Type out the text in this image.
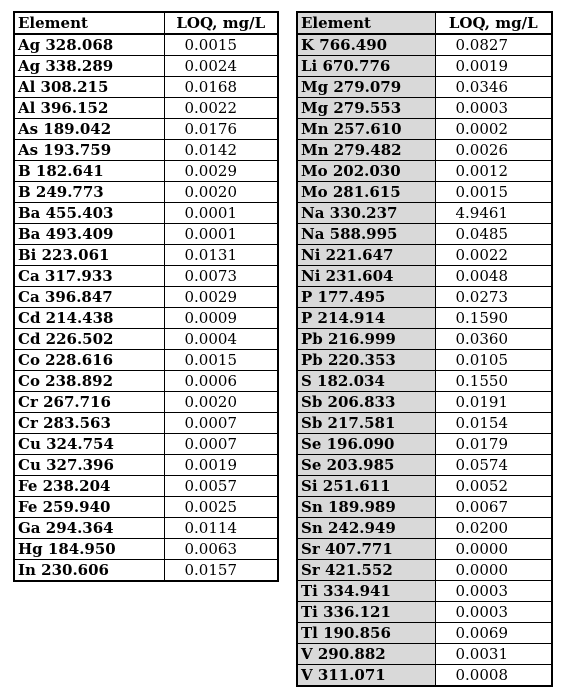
Element	LOQ, mg/L
Ag 328.068	0.0015
Ag 338.289	0.0024
Al 308.215	0.0168
Al 396.152	0.0022
As 189.042	0.0176
As 193.759	0.0142
B 182.641	0.0029
B 249.773	0.0020
Ba 455.403	0.0001
Ba 493.409	0.0001
Bi 223.061	0.0131
Ca 317.933	0.0073
Ca 396.847	0.0029
Cd 214.438	0.0009
Cd 226.502	0.0004
Co 228.616	0.0015
Co 238.892	0.0006
Cr 267.716	0.0020
Cr 283.563	0.0007
Cu 324.754	0.0007
Cu 327.396	0.0019
Fe 238.204	0.0057
Fe 259.940	0.0025
Ga 294.364	0.0114
Hg 184.950	0.0063
In 230.606	0.0157
Element	LOQ, mg/L
K 766.490	0.0827
Li 670.776	0.0019
Mg 279.079	0.0346
Mg 279.553	0.0003
Mn 257.610	0.0002
Mn 279.482	0.0026
Mo 202.030	0.0012
Mo 281.615	0.0015
Na 330.237	4.9461
Na 588.995	0.0485
Ni 221.647	0.0022
Ni 231.604	0.0048
P 177.495	0.0273
P 214.914	0.1590
Pb 216.999	0.0360
Pb 220.353	0.0105
S 182.034	0.1550
Sb 206.833	0.0191
Sb 217.581	0.0154
Se 196.090	0.0179
Se 203.985	0.0574
Si 251.611	0.0052
Sn 189.989	0.0067
Sn 242.949	0.0200
Sr 407.771	0.0000
Sr 421.552	0.0000
Ti 334.941	0.0003
Ti 336.121	0.0003
Tl 190.856	0.0069
V 290.882	0.0031
V 311.071	0.0008
